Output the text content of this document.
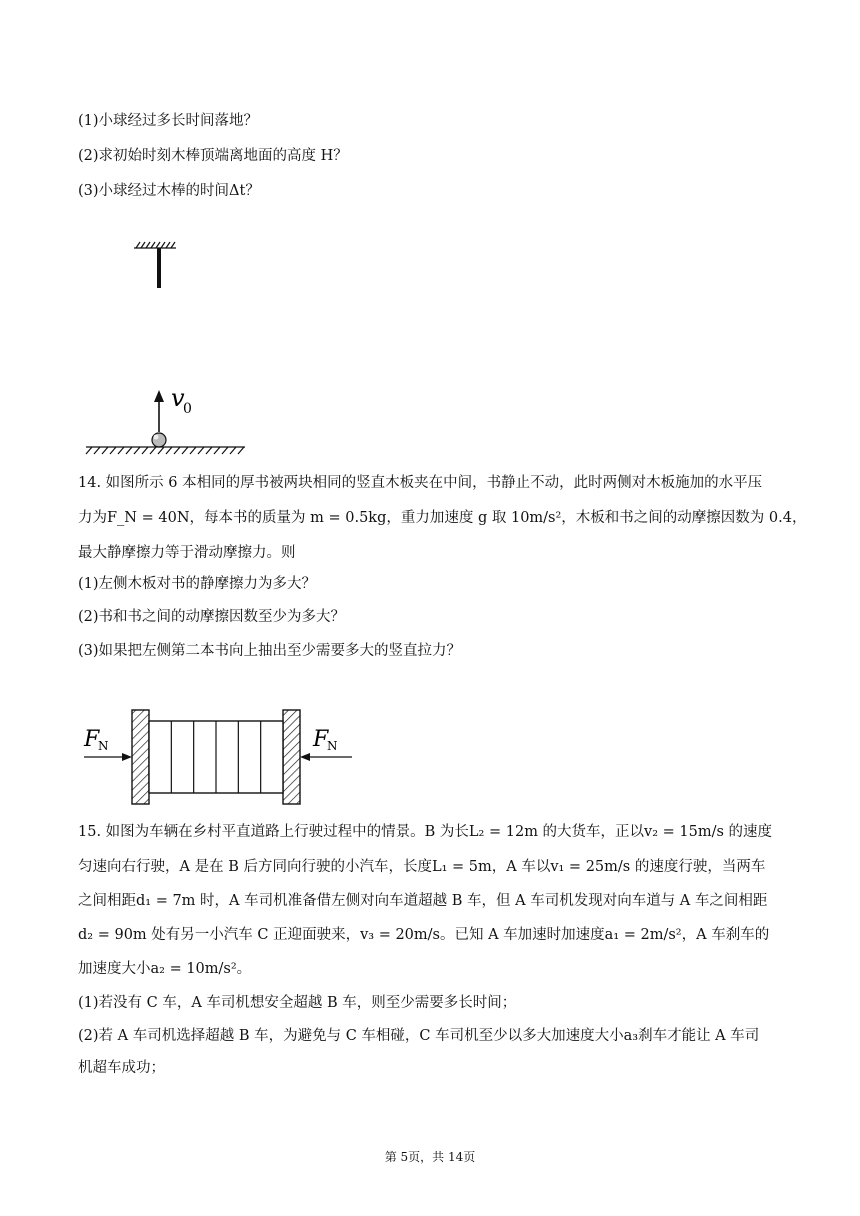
(1)小球经过多长时间落地？
(2)求初始时刻木棒顶端离地面的高度 H？
(3)小球经过木棒的时间Δt？
v
0
14. 如图所示 6 本相同的厚书被两块相同的竖直木板夹在中间，书静止不动，此时两侧对木板施加的水平压
力为F_N = 40N，每本书的质量为 m = 0.5kg，重力加速度 g 取 10m/s²，木板和书之间的动摩擦因数为 0.4，
最大静摩擦力等于滑动摩擦力。则
(1)左侧木板对书的静摩擦力为多大？
(2)书和书之间的动摩擦因数至少为多大？
(3)如果把左侧第二本书向上抽出至少需要多大的竖直拉力？
F
N	F
N
15. 如图为车辆在乡村平直道路上行驶过程中的情景。B 为长L₂ = 12m 的大货车，正以v₂ = 15m/s 的速度
匀速向右行驶，A 是在 B 后方同向行驶的小汽车，长度L₁ = 5m，A 车以v₁ = 25m/s 的速度行驶，当两车
之间相距d₁ = 7m 时，A 车司机准备借左侧对向车道超越 B 车，但 A 车司机发现对向车道与 A 车之间相距
d₂ = 90m 处有另一小汽车 C 正迎面驶来，v₃ = 20m/s。已知 A 车加速时加速度a₁ = 2m/s²，A 车刹车的
加速度大小a₂ = 10m/s²。
(1)若没有 C 车，A 车司机想安全超越 B 车，则至少需要多长时间；
(2)若 A 车司机选择超越 B 车，为避免与 C 车相碰，C 车司机至少以多大加速度大小a₃刹车才能让 A 车司
机超车成功；
第 5页，共 14页
